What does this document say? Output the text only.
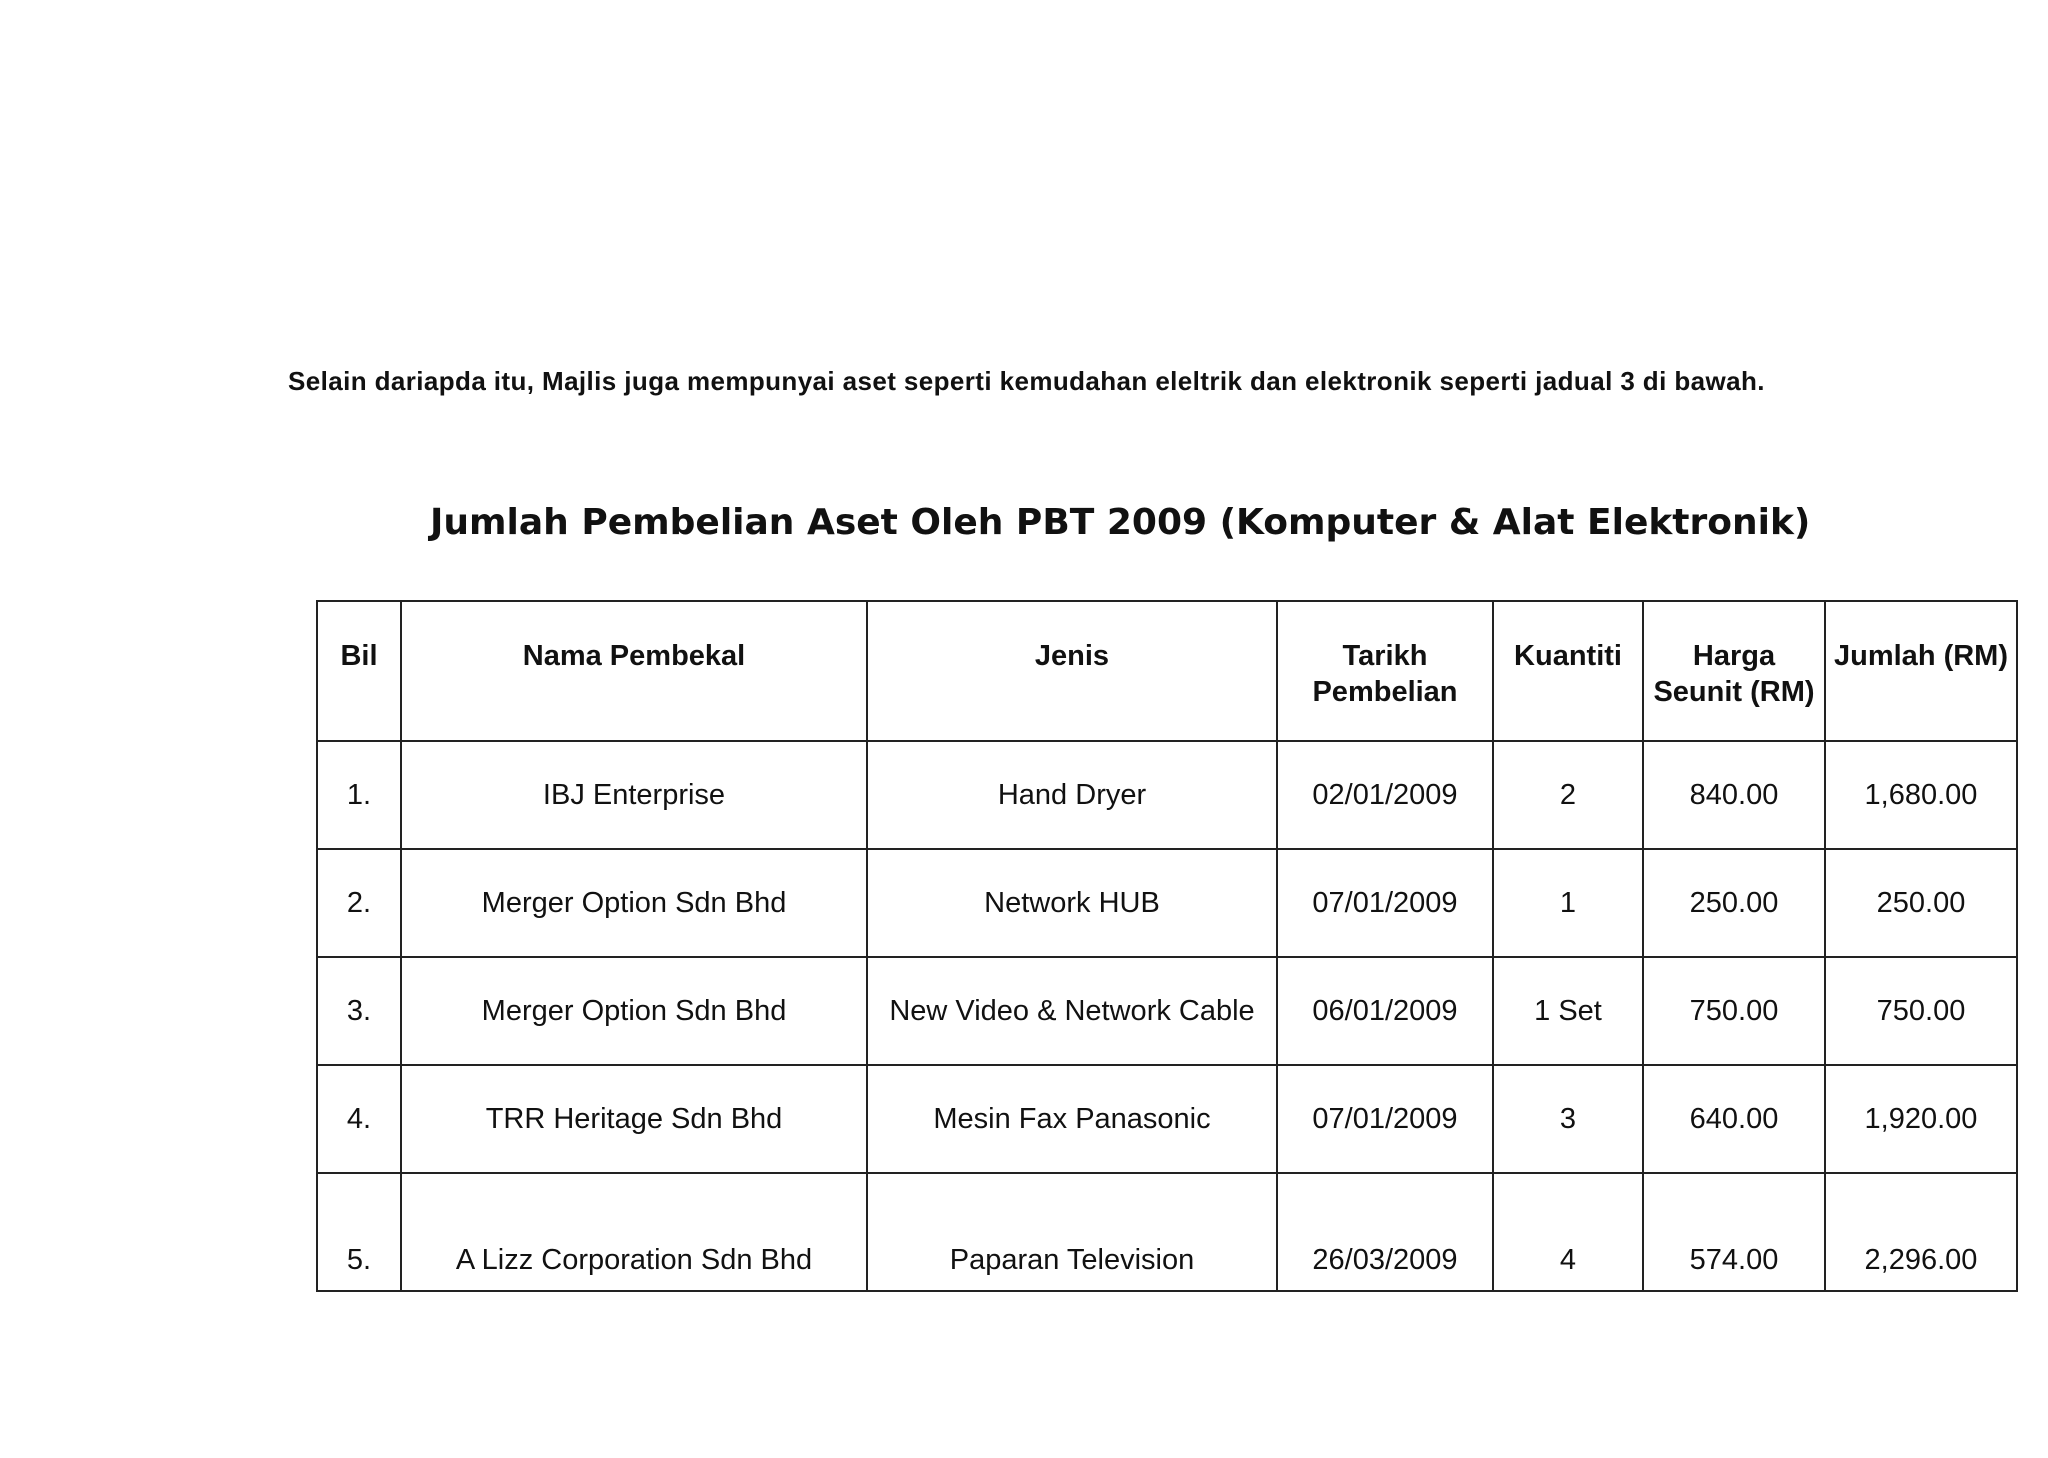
Selain dariapda itu, Majlis juga mempunyai aset seperti kemudahan eleltrik dan elektronik seperti jadual 3 di bawah.
Jumlah Pembelian Aset Oleh PBT 2009 (Komputer & Alat Elektronik)
Bil	Nama Pembekal	Jenis	Tarikh Pembelian	Kuantiti	Harga Seunit (RM)	Jumlah (RM)
1.	IBJ Enterprise	Hand Dryer	02/01/2009	2	840.00	1,680.00
2.	Merger Option Sdn Bhd	Network HUB	07/01/2009	1	250.00	250.00
3.	Merger Option Sdn Bhd	New Video & Network Cable	06/01/2009	1 Set	750.00	750.00
4.	TRR Heritage Sdn Bhd	Mesin Fax Panasonic	07/01/2009	3	640.00	1,920.00
5.	A Lizz Corporation Sdn Bhd	Paparan Television	26/03/2009	4	574.00	2,296.00
